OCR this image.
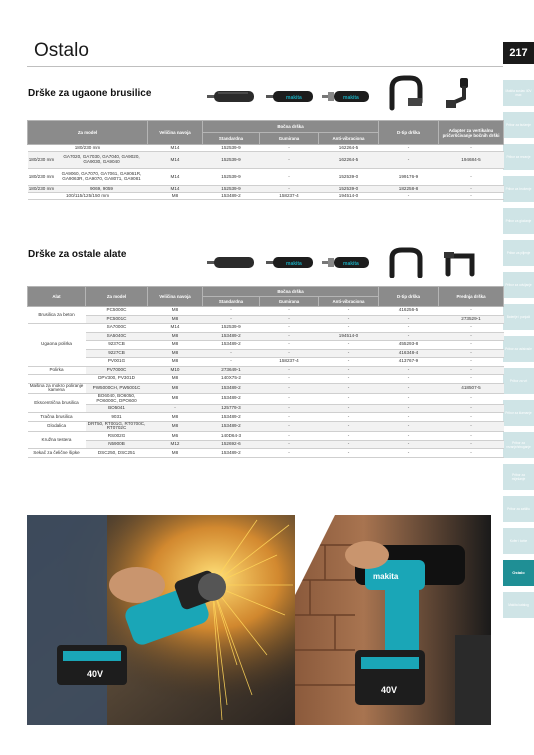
Ostalo	217
Makita sustav 40V max
Pribor za bušenje
Pribor za rezanje
Pribor za brušenje
Pribor za glodanje
Pribor za piljenje
Pribor za odvijanje
Baterije i punjači
Pribor za usisivače
Pribor za vrt
Pribor za klamanje
Pribor za rezanje/struganje
Pribor za miješanje
Pribor za zaštitu
Kofer i torbe
Ostalo
Makita katalog
Drške za ugaone brusilice	makita	makita
Za model		Veličina navoja	Bočna drška			D-tip drška	Adapter za vertikalnu pričvršćivanje bočnih drški
			Standardna	Gumirana	Anti-vibraciona		
180/230 mm		M14	152539-9	-	162264-5	-	-
180/230 mm	GA7020, GA7030, GA7040, GA9020, GA9030, GA9040	M14	152539-9	-	162264-5	-	194684-5
180/230 mm	GA9060, GA7070, GA7061, GA9061R, GA9063R, GA9070, GA8071, GA9081	M14	152539-9	-	152539-0	199176-9	-
180/230 mm	9069, 9059	M14	152539-9	-	152539-0	182258-8	-
100/115/125/150 mm		M8	153489-2	158237-4	194514-0	-	-
Drške za ostale alate
makita	makita
Alat	Za model	Veličina navoja	Bočna drška			D-tip drška	Prednja drška
			Standardna	Gumirana	Anti-vibraciona		
Brusilica za beton	PC5000C	M8	-	-	-	416256-5	-
	PC5001C	M8	-	-	-	-	273529-1
Ugaona polirka	SA7000C	M14	152539-9	-	-	-	-
	SA5040C	M8	153489-2	-	194514-0	-	-
	9237CB	M8	153489-2	-	-	455293-8	-
	9227CB	M8	-	-	-	416348-4	-
	PV001G	M8	-	158237-4	-	413767-9	-
Polirka	PV7000C	M10	273649-1	-	-	-	-
	DPV300, PV301D	M8	140X75-2	-	-	-	-
Mašina za mokro poliranje kamena	PW5000CH, PW5001C	M8	153489-2	-	-	-	418507-5
Ekscentrična brusilica	BO6040, BO6050, PO6000C, DPO600	M8	153489-2	-	-	-	-
	BO5041	-	125779-3	-	-	-	-
Tračna brusilica	9031	M8	153489-2	-	-	-	-
Glodalica	DRT50, RT001G, RT0700C, RT0702C	M8	153489-2	-	-	-	-
Kružna testera	RS002G	M6	140D64-3	-	-	-	-
	N5900B	M12	152692-6	-	-	-	-
Sekač za čelične šipke	DSC250, DSC251	M8	153489-2	-	-	-	-
40V
makita
40V
